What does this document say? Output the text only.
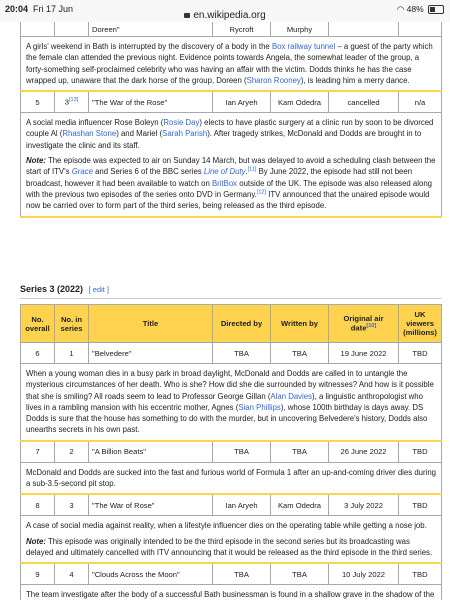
20:04 Fri 17 Jun
en.wikipedia.org
◠ 48%
		Doreen"	Rycroft	Murphy		

A girls' weekend in Bath is interrupted by the discovery of a body in the Box railway tunnel – a guest of the party which the female clan attended the previous night. Evidence points towards Angela, the somewhat leader of the group, a forty-something self-proclaimed celebrity who was having an affair with the victim. Dodds thinks he has the case wrapped up, unaware that the dark horse of the group, Doreen (Sharon Rooney), is leading him a merry dance.						

5	3[13]	"The War of the Rose"	Ian Aryeh	Kam Odedra	cancelled	n/a

A social media influencer Rose Boleyn (Rosie Day) elects to have plastic surgery at a clinic run by soon to be divorced couple Al (Rhashan Stone) and Mariel (Sarah Parish). After tragedy strikes, McDonald and Dodds are brought in to investigate the clinic and its staff.

Note: The episode was expected to air on Sunday 14 March, but was delayed to avoid a scheduling clash between the start of ITV's Grace and Series 6 of the BBC series Line of Duty.[11] By June 2022, the episode had still not been broadcast, however it had been available to watch on BritBox outside of the UK. The episode was also released along with the previous two episodes of the series onto DVD in Germany.[12] ITV announced that the unaired episode would now be carried over to form part of the third series, being released as the third episode.						

Series 3 (2022) [ edit ]
No. overall	No. in series	Title	Directed by	Written by	Original air date[10]	UK viewers (millions)
6	1	"Belvedere"	TBA	TBA	19 June 2022	TBD

When a young woman dies in a busy park in broad daylight, McDonald and Dodds are called in to untangle the mysterious circumstances of her death. Who is she? How did she die surrounded by witnesses? And how is it possible that she is smiling? All roads seem to lead to Professor George Gillan (Alan Davies), a linguistic anthropologist who lives in a rambling mansion with his eccentric mother, Agnes (Sian Phillips), whose 100th birthday is days away. DS Dodds is sure that the house has something to do with the murder, but in uncovering Belvedere's history, Dodds also unearths secrets in his own past.						

7	2	"A Billion Beats"	TBA	TBA	26 June 2022	TBD

McDonald and Dodds are sucked into the fast and furious world of Formula 1 after an up-and-coming driver dies during a sub-3.5-second pit stop.						

8	3	"The War of Rose"	Ian Aryeh	Kam Odedra	3 July 2022	TBD

A case of social media against reality, when a lifestyle influencer dies on the operating table while getting a nose job.

Note: This episode was originally intended to be the third episode in the second series but its broadcasting was delayed and ultimately cancelled with ITV announcing that it would be released as the third episode in the third series.						

9	4	"Clouds Across the Moon"	TBA	TBA	10 July 2022	TBD

The team investigate after the body of a successful Bath businessman is found in a shallow grave in the shadow of the						
